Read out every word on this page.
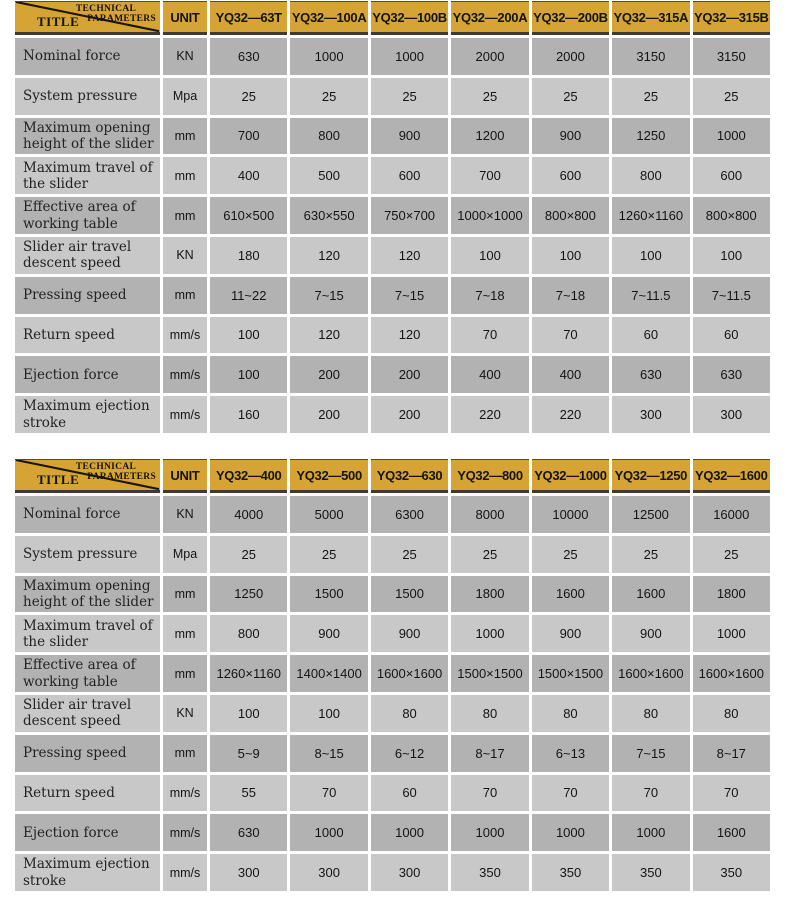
TECHNICAL
PARAMETERS
TITLE	UNIT	YQ32—63T YQ32—100A YQ32—100B YQ32—200A YQ32—200B YQ32—315A YQ32—315B
Nominal force	KN	630	1000	1000	2000	2000	3150	3150
System pressure	Mpa	25	25	25	25	25	25	25
Maximum opening height of the slider	mm	700	800	900	1200	900	1250	1000
Maximum travel of the slider	mm	400	500	600	700	600	800	600
Effective area of working table	mm	610×500	630×550	750×700	1000×1000	800×800	1260×1160	800×800
Slider air travel descent speed	KN	180	120	120	100	100	100	100
Pressing speed	mm	11~22	7~15	7~15	7~18	7~18	7~11.5	7~11.5
Return speed	mm/s	100	120	120	70	70	60	60
Ejection force	mm/s	100	200	200	400	400	630	630
Maximum ejection stroke	mm/s	160	200	200	220	220	300	300
TECHNICAL
PARAMETERS
TITLE	UNIT	YQ32—400	YQ32—500	YQ32—630	YQ32—800 YQ32—1000 YQ32—1250 YQ32—1600
Nominal force	KN	4000	5000	6300	8000	10000	12500	16000
System pressure	Mpa	25	25	25	25	25	25	25
Maximum opening height of the slider	mm	1250	1500	1500	1800	1600	1600	1800
Maximum travel of the slider	mm	800	900	900	1000	900	900	1000
Effective area of working table	mm	1260×1160	1400×1400	1600×1600	1500×1500	1500×1500	1600×1600	1600×1600
Slider air travel descent speed	KN	100	100	80	80	80	80	80
Pressing speed	mm	5~9	8~15	6~12	8~17	6~13	7~15	8~17
Return speed	mm/s	55	70	60	70	70	70	70
Ejection force	mm/s	630	1000	1000	1000	1000	1000	1600
Maximum ejection stroke	mm/s	300	300	300	350	350	350	350
